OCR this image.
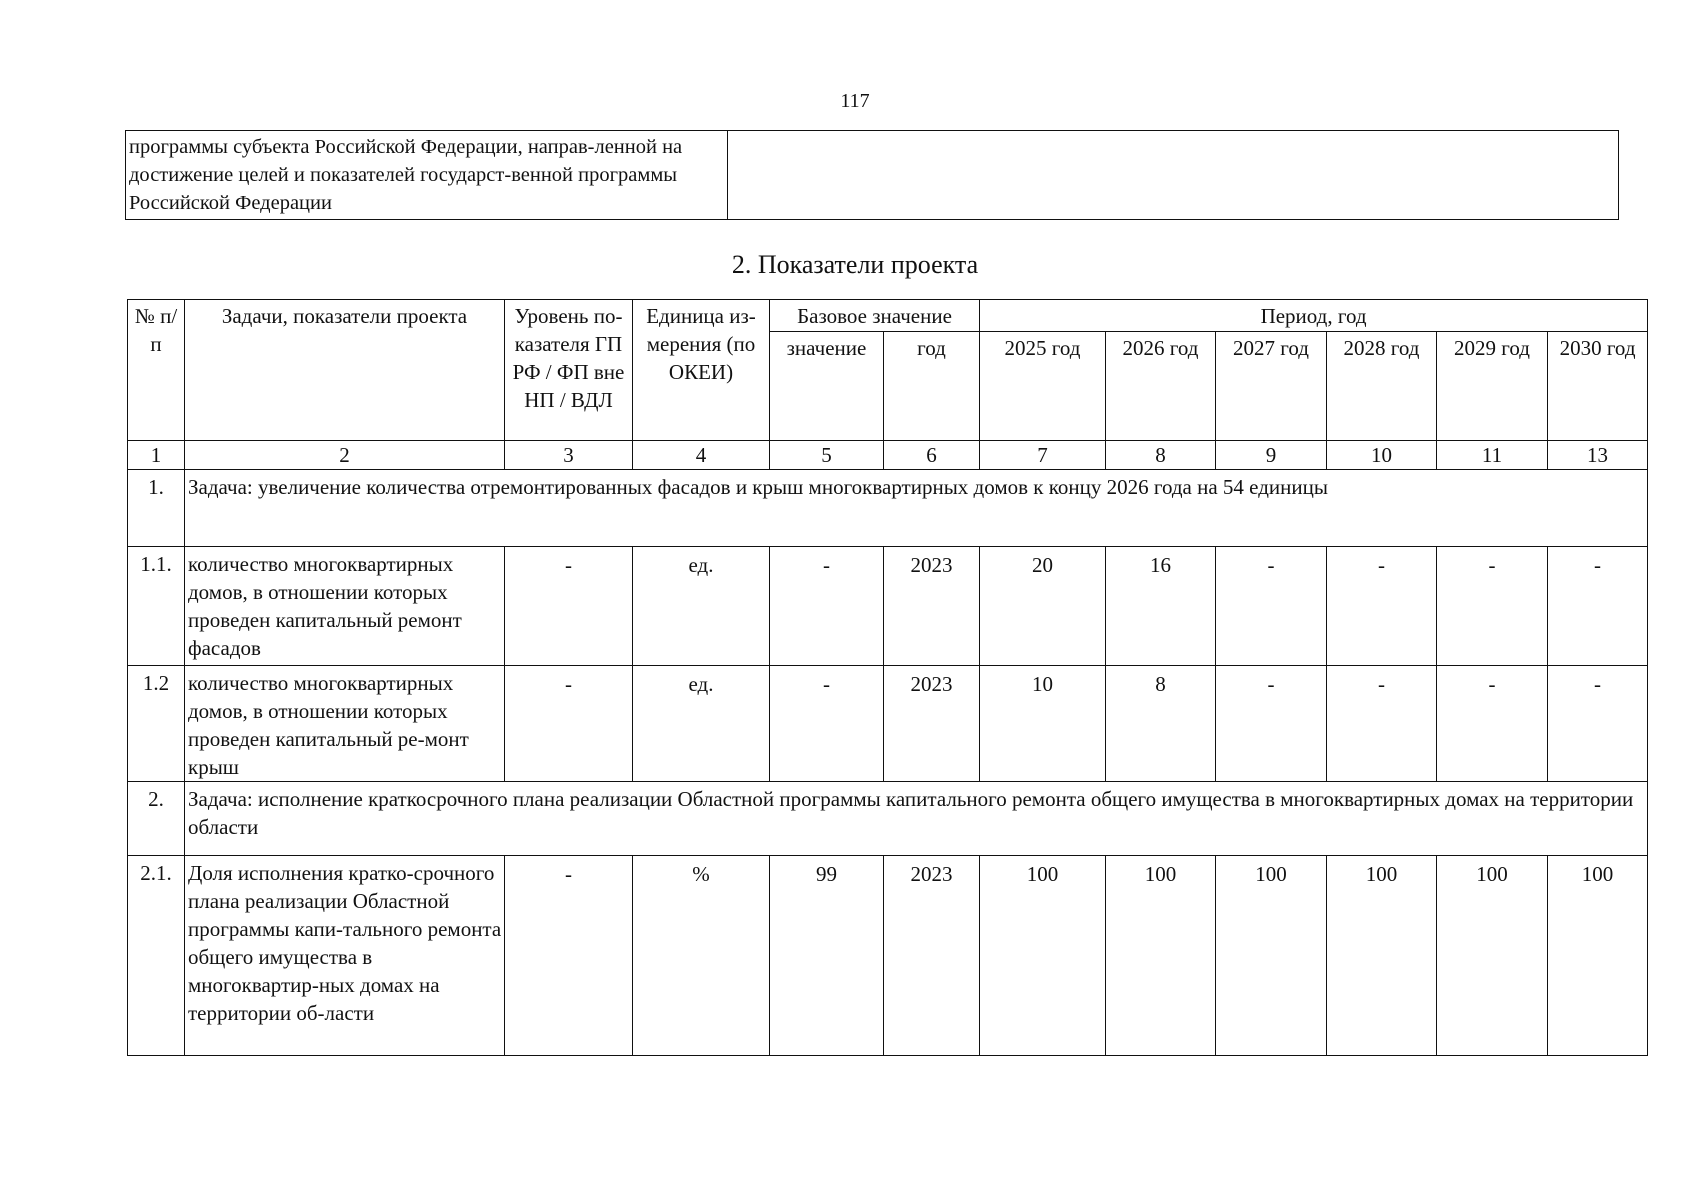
117
программы субъекта Российской Федерации, направ-ленной на достижение целей и показателей государст-венной программы Российской Федерации	
2. Показатели проекта
№ п/п	Задачи, показатели проекта	Уровень по-казателя ГП РФ / ФП вне НП / ВДЛ	Единица из-мерения (по ОКЕИ)	Базовое значение		Период, год					
				значение	год	2025 год	2026 год	2027 год	2028 год	2029 год	2030 год
1	2	3	4	5	6	7	8	9	10	11	13
1.	Задача: увеличение количества отремонтированных фасадов и крыш многоквартирных домов к концу 2026 года на 54 единицы										
1.1.	количество многоквартирных домов, в отношении которых проведен капитальный ремонт фасадов	-	ед.	-	2023	20	16	-	-	-	-
1.2	количество многоквартирных домов, в отношении которых проведен капитальный ре-монт крыш	-	ед.	-	2023	10	8	-	-	-	-
2.	Задача: исполнение краткосрочного плана реализации Областной программы капитального ремонта общего имущества в многоквартирных домах на территории области										
2.1.	Доля исполнения кратко-срочного плана реализации Областной программы капи-тального ремонта общего имущества в многоквартир-ных домах на территории об-ласти	-	%	99	2023	100	100	100	100	100	100
